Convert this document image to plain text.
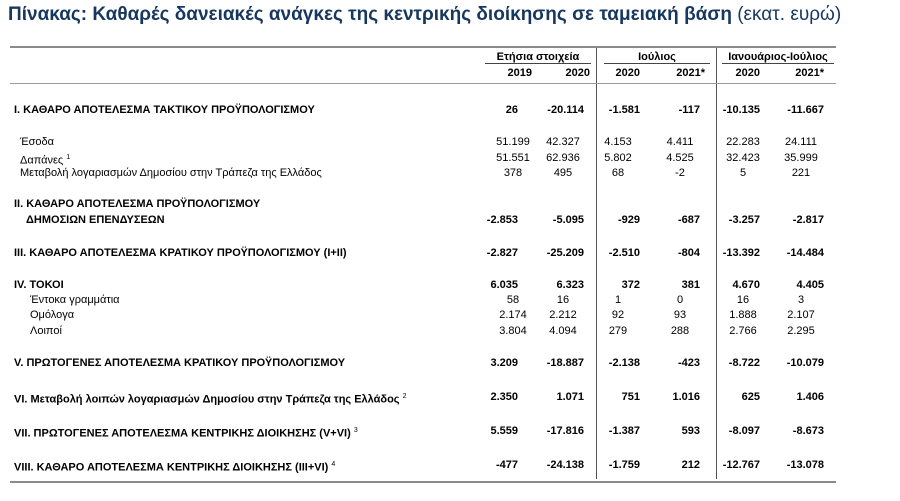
Πίνακας: Καθαρές δανειακές ανάγκες της κεντρικής διοίκησης σε ταμειακή βάση (εκατ. ευρώ)
Ετήσια στοιχεία	Ιούλιος	Ιανουάριος-Ιούλιος
2019	2020	2020	2021*	2020	2021*
I. ΚΑΘΑΡΟ ΑΠΟΤΕΛΕΣΜΑ ΤΑΚΤΙΚΟΥ ΠΡΟΫΠΟΛΟΓΙΣΜΟΥ	26	-20.114	-1.581	-117	-10.135	-11.667
Έσοδα	51.199	42.327	4.153	4.411	22.283	24.111
Δαπάνες $^1$	51.551	62.936	5.802	4.525	32.423	35.999
Μεταβολή λογαριασμών Δημοσίου στην Τράπεζα της Ελλάδος	378	495	68	-2	5	221
II. ΚΑΘΑΡΟ ΑΠΟΤΕΛΕΣΜΑ ΠΡΟΫΠΟΛΟΓΙΣΜΟΥ
ΔΗΜΟΣΙΩΝ ΕΠΕΝΔΥΣΕΩΝ	-2.853	-5.095	-929	-687	-3.257	-2.817
III. ΚΑΘΑΡΟ ΑΠΟΤΕΛΕΣΜΑ ΚΡΑΤΙΚΟΥ ΠΡΟΫΠΟΛΟΓΙΣΜΟΥ (I+II)	-2.827	-25.209	-2.510	-804	-13.392	-14.484
IV. ΤΟΚΟΙ	6.035	6.323	372	381	4.670	4.405
Έντοκα γραμμάτια	58	16	1	0	16	3
Ομόλογα	2.174	2.212	92	93	1.888	2.107
Λοιποί	3.804	4.094	279	288	2.766	2.295
V. ΠΡΩΤΟΓΕΝΕΣ ΑΠΟΤΕΛΕΣΜΑ ΚΡΑΤΙΚΟΥ ΠΡΟΫΠΟΛΟΓΙΣΜΟΥ	3.209	-18.887	-2.138	-423	-8.722	-10.079
VI. Μεταβολή λοιπών λογαριασμών Δημοσίου στην Τράπεζα της Ελλάδος $^2$	2.350	1.071	751	1.016	625	1.406
VII. ΠΡΩΤΟΓΕΝΕΣ ΑΠΟΤΕΛΕΣΜΑ ΚΕΝΤΡΙΚΗΣ ΔΙΟΙΚΗΣΗΣ (V+VI) $^3$	5.559	-17.816	-1.387	593	-8.097	-8.673
VIII. ΚΑΘΑΡΟ ΑΠΟΤΕΛΕΣΜΑ ΚΕΝΤΡΙΚΗΣ ΔΙΟΙΚΗΣΗΣ (III+VI) $^4$	-477	-24.138	-1.759	212	-12.767	-13.078
